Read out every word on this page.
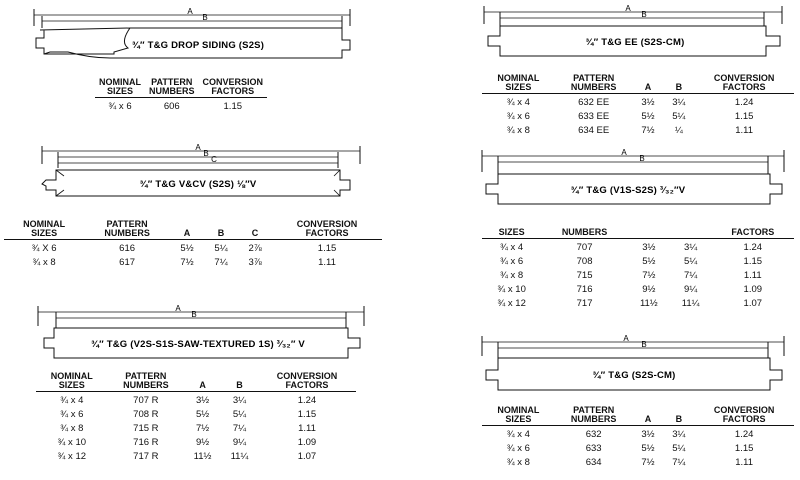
A
B
¾″ T&G DROP SIDING (S2S)
NOMINAL
SIZES	PATTERN
NUMBERS	CONVERSION
FACTORS
¾ x 6	606	1.15
A
B
C
¾″ T&G V&CV (S2S) ⅛″V
NOMINAL
SIZES	PATTERN
NUMBERS	A	B	C	CONVERSION
FACTORS
¾ X 6	616	5½	5¼	2⅞	1.15
¾ x 8	617	7½	7¼	3⅞	1.11
A
B
¾″ T&G (V2S-S1S-SAW-TEXTURED 1S) ³⁄₃₂″ V
NOMINAL
SIZES	PATTERN
NUMBERS	A	B	CONVERSION
FACTORS
¾ x 4	707 R	3½	3¼	1.24
¾ x 6	708 R	5½	5¼	1.15
¾ x 8	715 R	7½	7¼	1.11
¾ x 10	716 R	9½	9¼	1.09
¾ x 12	717 R	11½	11¼	1.07
A
B
¾″ T&G EE (S2S-CM)
NOMINAL
SIZES	PATTERN
NUMBERS	A	B	CONVERSION
FACTORS
¾ x 4	632 EE	3½	3¼	1.24
¾ x 6	633 EE	5½	5¼	1.15
¾ x 8	634 EE	7½	¼	1.11
A
B
¾″ T&G (V1S-S2S) ³⁄₃₂″V
SIZES	NUMBERS			FACTORS
¾ x 4	707	3½	3¼	1.24
¾ x 6	708	5½	5¼	1.15
¾ x 8	715	7½	7¼	1.11
¾ x 10	716	9½	9¼	1.09
¾ x 12	717	11½	11¼	1.07
A
B
¾″ T&G (S2S-CM)
NOMINAL
SIZES	PATTERN
NUMBERS	A	B	CONVERSION
FACTORS
¾ x 4	632	3½	3¼	1.24
¾ x 6	633	5½	5¼	1.15
¾ x 8	634	7½	7¼	1.11
